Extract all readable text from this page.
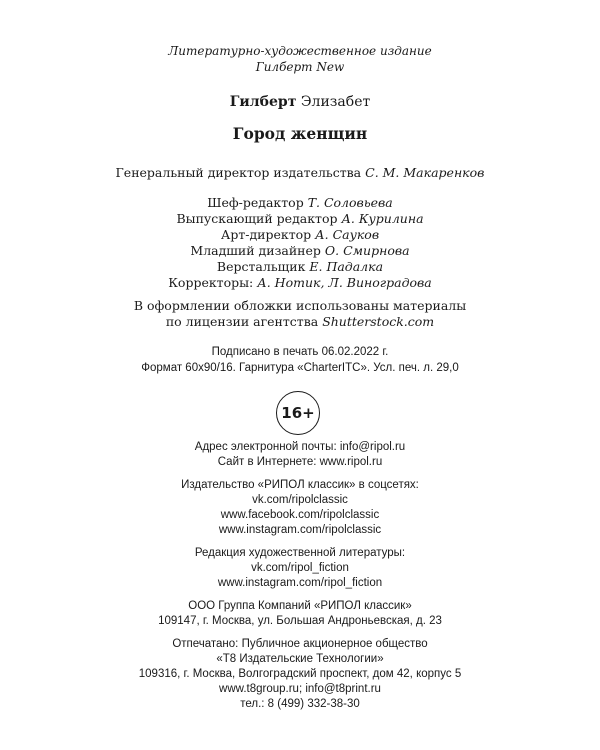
Литературно-художественное издание
Гилберт New
Гилберт Элизабет
Город женщин
Генеральный директор издательства С. М. Макаренков
Шеф-редактор Т. Соловьева
Выпускающий редактор А. Курилина
Арт-директор А. Сауков
Младший дизайнер О. Смирнова
Верстальщик Е. Падалка
Корректоры: А. Нотик, Л. Виноградова
В оформлении обложки использованы материалы
по лицензии агентства Shutterstock.com
Подписано в печать 06.02.2022 г.
Формат 60х90/16. Гарнитура «CharterITC». Усл. печ. л. 29,0
16+
Адрес электронной почты: info@ripol.ru
Сайт в Интернете: www.ripol.ru
Издательство «РИПОЛ классик» в соцсетях:
vk.com/ripolclassic
www.facebook.com/ripolclassic
www.instagram.com/ripolclassic
Редакция художественной литературы:
vk.com/ripol_fiction
www.instagram.com/ripol_fiction
ООО Группа Компаний «РИПОЛ классик»
109147, г. Москва, ул. Большая Андроньевская, д. 23
Отпечатано: Публичное акционерное общество
«Т8 Издательские Технологии»
109316, г. Москва, Волгоградский проспект, дом 42, корпус 5
www.t8group.ru; info@t8print.ru
тел.: 8 (499) 332-38-30
